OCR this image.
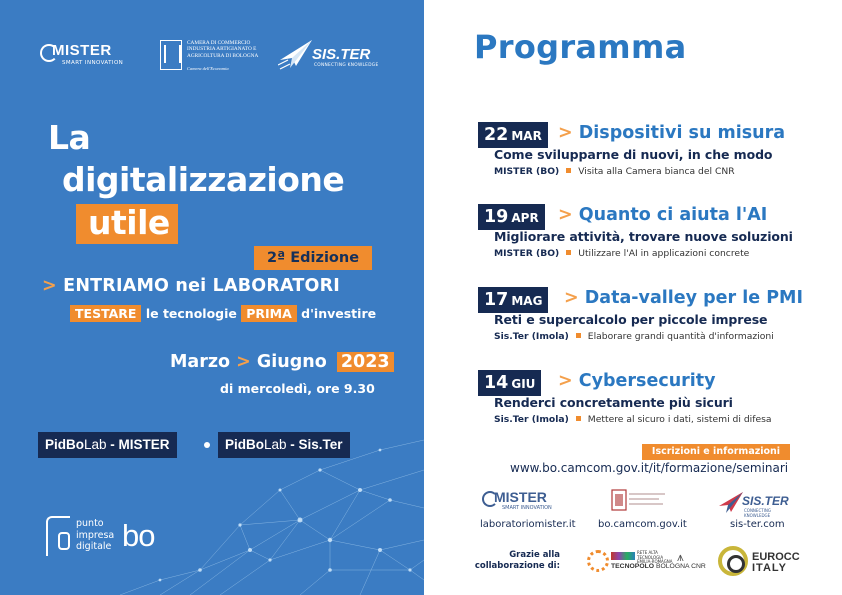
MISTER
SMART INNOVATION
CAMERA DI COMMERCIO
INDUSTRIA ARTIGIANATO E
AGRICOLTURA DI BOLOGNA
Camera dell'Economia
SIS.TER
CONNECTING KNOWLEDGE
La
digitalizzazione
utile
2ª Edizione
> ENTRIAMO nei LABORATORI
TESTARE le tecnologie PRIMA d'investire
Marzo > Giugno 2023
di mercoledì, ore 9.30
PidBoLab - MISTER	PidBoLab - Sis.Ter
punto
impresa
digitale bo
Programma
22 MAR > Dispositivi su misura
Come svilupparne di nuovi, in che modo
MISTER (BO) Visita alla Camera bianca del CNR
19 APR	> Quanto ci aiuta l'AI
Migliorare attività, trovare nuove soluzioni
MISTER (BO) Utilizzare l'AI in applicazioni concrete
17 MAG	> Data-valley per le PMI
Reti e supercalcolo per piccole imprese
Sis.Ter (Imola) Elaborare grandi quantità d'informazioni
14 GIU	> Cybersecurity
Renderci concretamente più sicuri
Sis.Ter (Imola) Mettere al sicuro i dati, sistemi di difesa
Iscrizioni e informazioni
www.bo.camcom.gov.it/it/formazione/seminari
MISTER
SMART INNOVATION
laboratoriomister.it bo.camcom.gov.it
SIS.TER
CONNECTING KNOWLEDGE
sis-ter.com
Grazie alla
collaborazione di:
RETE ALTA TECNOLOGIA EMILIA-ROMAGNA
TECNOPOLO BOLOGNA CNR
⩚	EUROCC
ITALY
